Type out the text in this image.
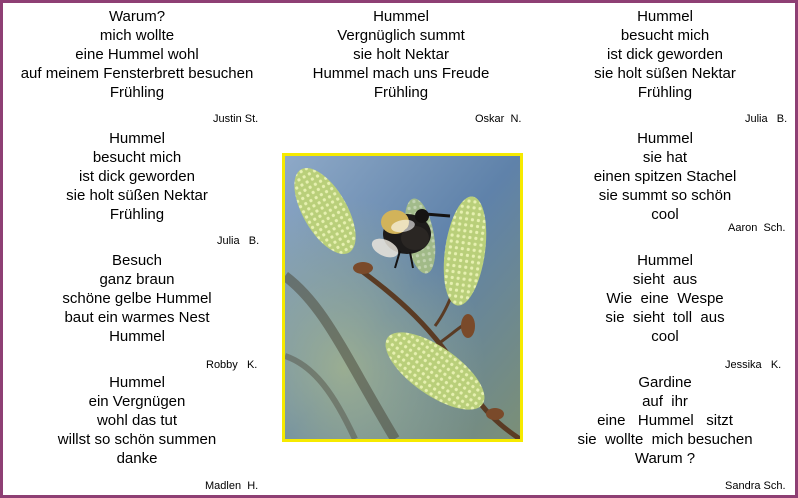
Warum?
mich wollte
eine Hummel wohl
auf meinem Fensterbrett besuchen
Frühling
Justin St.
Hummel
Vergnüglich summt
sie holt Nektar
Hummel mach uns Freude
Frühling
Oskar  N.
Hummel
besucht mich
ist dick geworden
sie holt süßen Nektar
Frühling
Julia   B.
Hummel
besucht mich
ist dick geworden
sie holt süßen Nektar
Frühling
Julia   B.
Hummel
sie hat
einen spitzen Stachel
sie summt so schön
cool
Aaron  Sch.
Besuch
ganz braun
schöne gelbe Hummel
baut ein warmes Nest
Hummel
Robby   K.
Hummel
sieht  aus
Wie  eine  Wespe
sie  sieht  toll  aus
cool
Jessika   K.
Hummel
ein Vergnügen
wohl das tut
willst so schön summen
danke
Madlen  H.
Gardine
auf  ihr
eine   Hummel   sitzt
sie  wollte  mich besuchen
Warum ?
Sandra Sch.
